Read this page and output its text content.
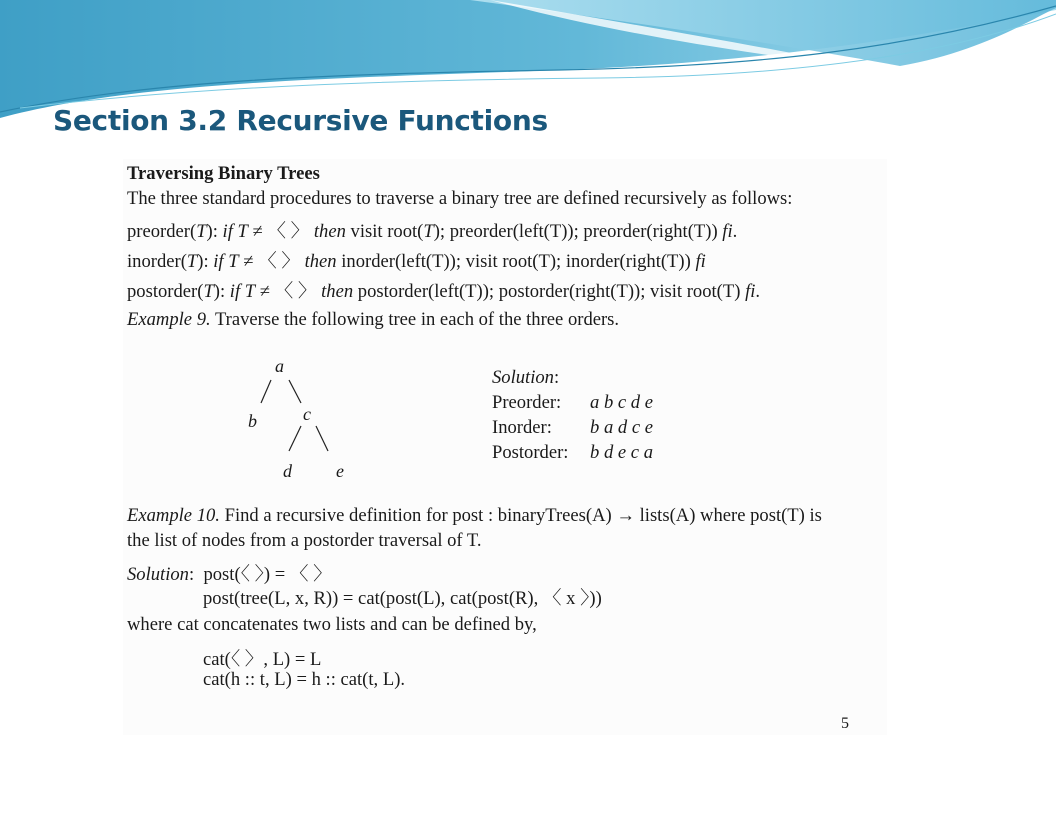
Section 3.2 Recursive Functions
Traversing Binary Trees
The three standard procedures to traverse a binary tree are defined recursively as follows:
preorder(T): if T ≠ 〈 〉 then visit root(T); preorder(left(T)); preorder(right(T)) fi.
inorder(T): if T ≠ 〈 〉 then inorder(left(T)); visit root(T); inorder(right(T)) fi
postorder(T): if T ≠ 〈 〉 then postorder(left(T)); postorder(right(T)); visit root(T) fi.
Example 9. Traverse the following tree in each of the three orders.
a
b	c
d e
Solution:
Preorder: a b c d e
Inorder: b a d c e
Postorder: b d e c a
Example 10. Find a recursive definition for post : binaryTrees(A) → lists(A) where post(T) is
the list of nodes from a postorder traversal of T.
Solution:  post(〈 〉) = 〈 〉
post(tree(L, x, R)) = cat(post(L), cat(post(R), 〈 x 〉))
where cat concatenates two lists and can be defined by,
cat(〈 〉, L) = L
cat(h :: t, L) = h :: cat(t, L).
5
